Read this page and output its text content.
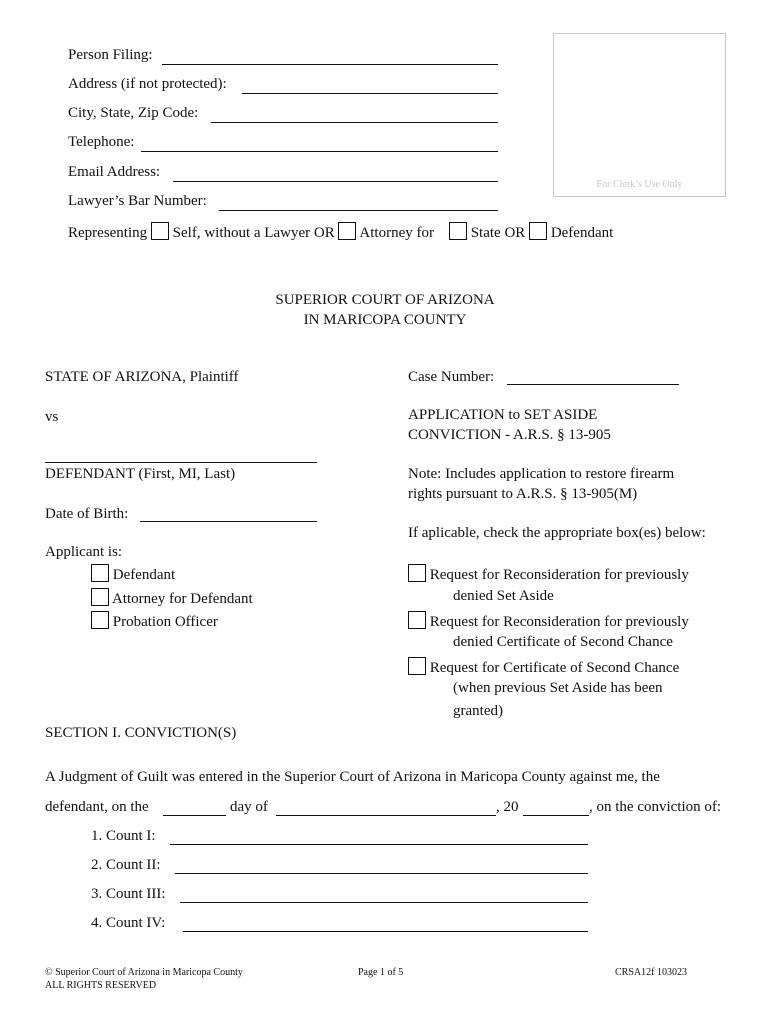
For Clerk’s Use Only
Person Filing:
Address (if not protected):
City, State, Zip Code:
Telephone:
Email Address:
Lawyer’s Bar Number:
Representing Self, without a Lawyer OR Attorney for State OR Defendant
SUPERIOR COURT OF ARIZONA
IN MARICOPA COUNTY
STATE OF ARIZONA, Plaintiff
vs
DEFENDANT (First, MI, Last)
Date of Birth:
Applicant is:
Defendant
Attorney for Defendant
Probation Officer
Case Number:
APPLICATION to SET ASIDE
CONVICTION - A.R.S. § 13-905
Note: Includes application to restore firearm
rights pursuant to A.R.S. § 13-905(M)
If aplicable, check the appropriate box(es) below:
Request for Reconsideration for previously
denied Set Aside
Request for Reconsideration for previously
denied Certificate of Second Chance
Request for Certificate of Second Chance
(when previous Set Aside has been
granted)
SECTION I. CONVICTION(S)
A Judgment of Guilt was entered in the Superior Court of Arizona in Maricopa County against me, the
defendant, on the	day of	, 20	, on the conviction of:
1. Count I:
2. Count II:
3. Count III:
4. Count IV:
© Superior Court of Arizona in Maricopa County
ALL RIGHTS RESERVED
Page 1 of 5	CRSA12f 103023
